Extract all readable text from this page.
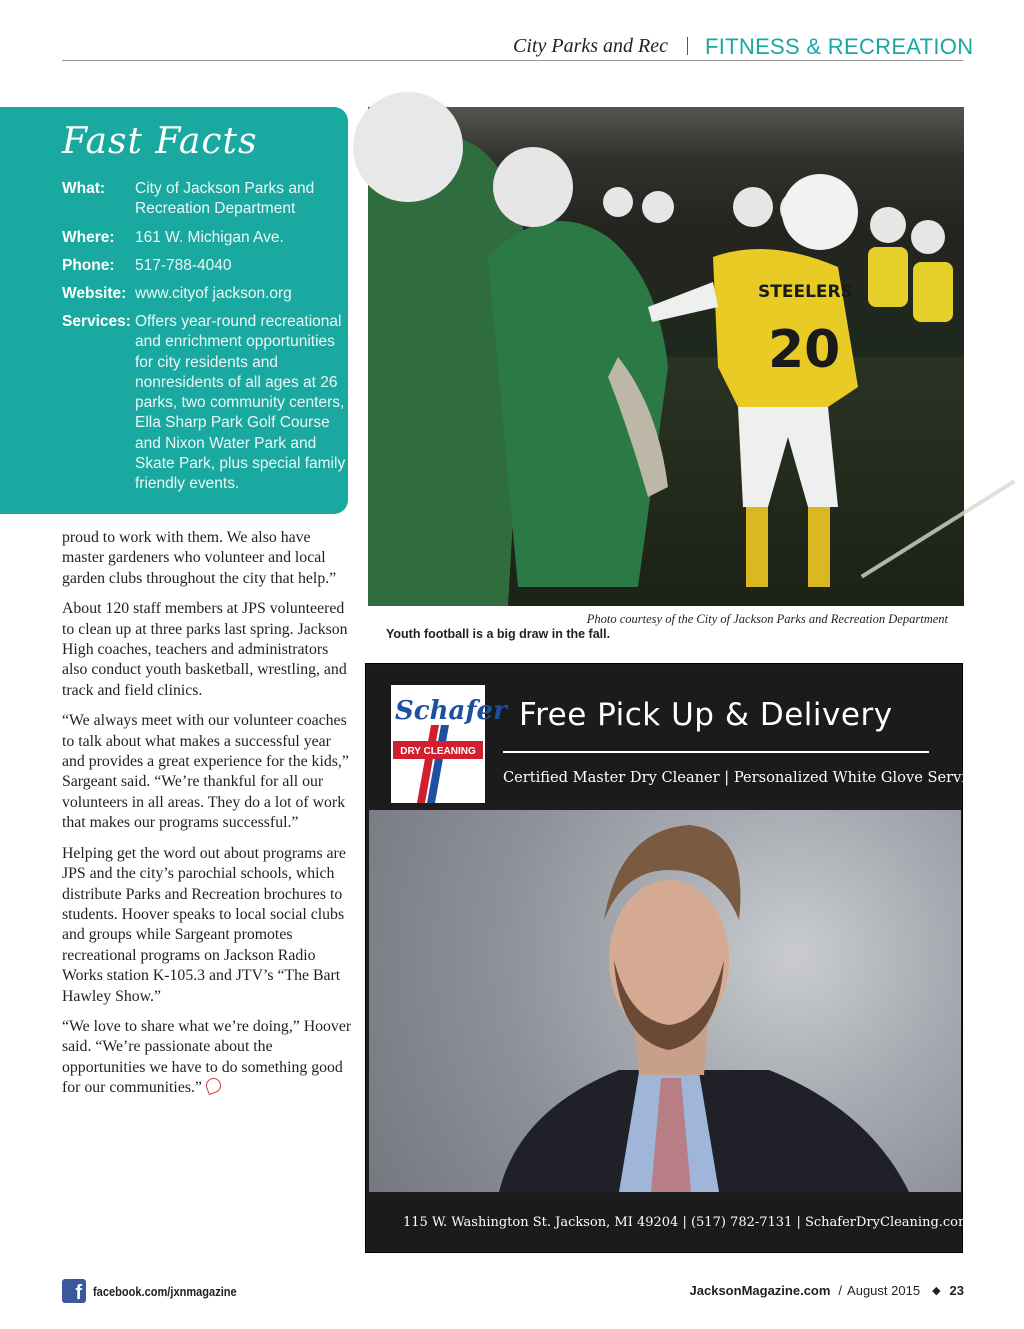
City Parks and Rec FITNESS & RECREATION
Fast Facts
What: City of Jackson Parks and Recreation Department
Where: 161 W. Michigan Ave.
Phone: 517-788-4040
Website: www.cityof jackson.org
Services: Offers year-round recreational and enrichment opportunities for city residents and nonresidents of all ages at 26 parks, two community centers, Ella Sharp Park Golf Course and Nixon Water Park and Skate Park, plus special family friendly events.

proud to work with them. We also have master gardeners who volunteer and local garden clubs throughout the city that help.”

About 120 staff members at JPS volunteered to clean up at three parks last spring. Jackson High coaches, teachers and administrators also conduct youth basketball, wrestling, and track and field clinics.

“We always meet with our volunteer coaches to talk about what makes a successful year and provides a great experience for the kids,” Sargeant said. “We’re thankful for all our volunteers in all areas. They do a lot of work that makes our programs successful.”

Helping get the word out about programs are JPS and the city’s parochial schools, which distribute Parks and Recreation brochures to students. Hoover speaks to local social clubs and groups while Sargeant promotes recreational programs on Jackson Radio Works station K-105.3 and JTV’s “The Bart Hawley Show.”

“We love to share what we’re doing,” Hoover said. “We’re passionate about the opportunities we have to do something good for our communities.”

STEELERS
20
Photo courtesy of the City of Jackson Parks and Recreation Department
Youth football is a big draw in the fall.
Schafer
DRY CLEANING
Free Pick Up & Delivery
Certified Master Dry Cleaner | Personalized White Glove Service
115 W. Washington St. Jackson, MI 49204 | (517) 782-7131 | SchaferDryCleaning.com
f facebook.com/jxnmagazine	JacksonMagazine.com / August 2015 ◆ 23
